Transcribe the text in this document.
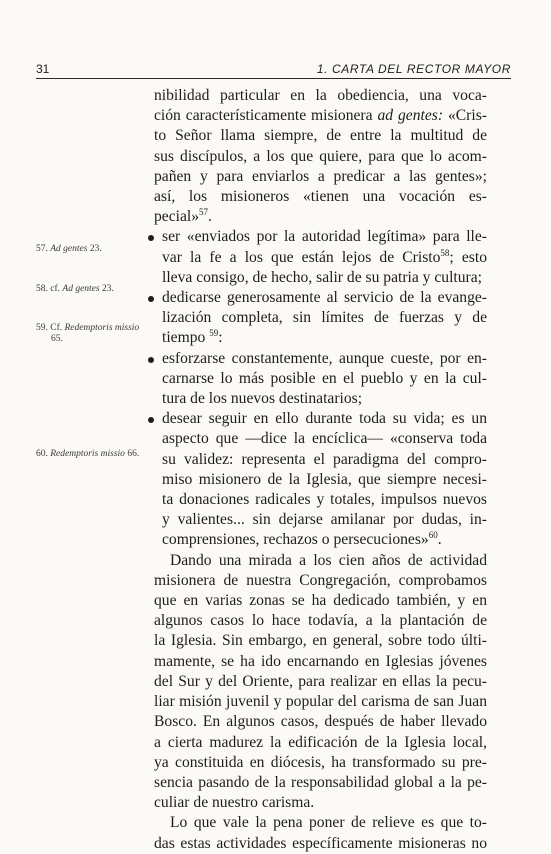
31	1. CARTA DEL RECTOR MAYOR
57. Ad gentes 23.
58. cf. Ad gentes 23.
59. Cf. Redemptoris missio
65.
60. Redemptoris missio 66.
nibilidad particular en la obediencia, una voca-
ción característicamente misionera ad gentes: «Cris-
to Señor llama siempre, de entre la multitud de
sus discípulos, a los que quiere, para que lo acom-
pañen y para enviarlos a predicar a las gentes»;
así, los misioneros «tienen una vocación es-
pecial»$^{57}$.
ser «enviados por la autoridad legítima» para lle-
var la fe a los que están lejos de Cristo$^{58}$; esto
lleva consigo, de hecho, salir de su patria y cultura;
dedicarse generosamente al servicio de la evange-
lización completa, sin límites de fuerzas y de
tiempo $^{59}$:
esforzarse constantemente, aunque cueste, por en-
carnarse lo más posible en el pueblo y en la cul-
tura de los nuevos destinatarios;
desear seguir en ello durante toda su vida; es un
aspecto que —dice la encíclica— «conserva toda
su validez: representa el paradigma del compro-
miso misionero de la Iglesia, que siempre necesi-
ta donaciones radicales y totales, impulsos nuevos
y valientes... sin dejarse amilanar por dudas, in-
comprensiones, rechazos o persecuciones»$^{60}$.
Dando una mirada a los cien años de actividad
misionera de nuestra Congregación, comprobamos
que en varias zonas se ha dedicado también, y en
algunos casos lo hace todavía, a la plantación de
la Iglesia. Sin embargo, en general, sobre todo últi-
mamente, se ha ido encarnando en Iglesias jóvenes
del Sur y del Oriente, para realizar en ellas la pecu-
liar misión juvenil y popular del carisma de san Juan
Bosco. En algunos casos, después de haber llevado
a cierta madurez la edificación de la Iglesia local,
ya constituida en diócesis, ha transformado su pre-
sencia pasando de la responsabilidad global a la pe-
culiar de nuestro carisma.
Lo que vale la pena poner de relieve es que to-
das estas actividades específicamente misioneras no
